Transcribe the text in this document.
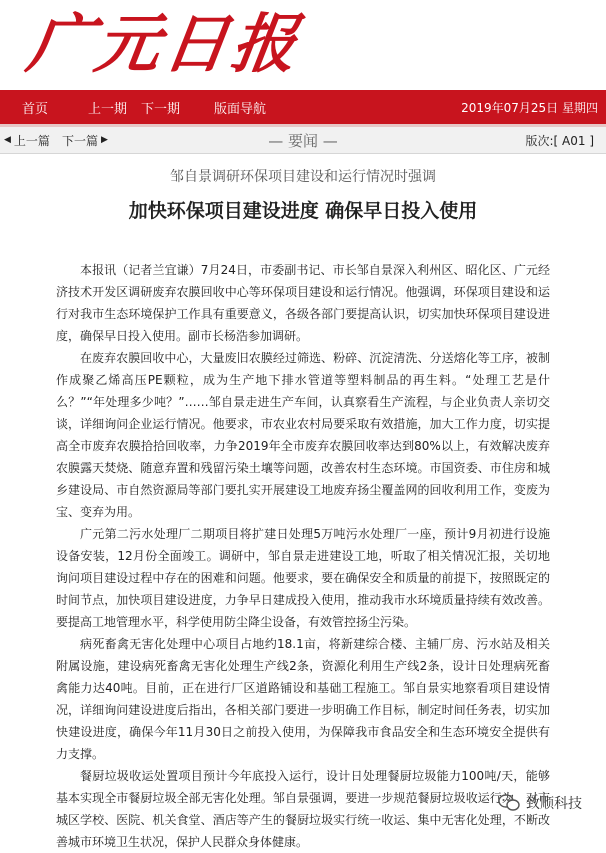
广元日报
首页	上一期 下一期	版面导航	2019年07月25日 星期四
◀ 上一篇 下一篇 ▶	— 要闻 —	版次:[ A01 ]
邹自景调研环保项目建设和运行情况时强调
加快环保项目建设进度 确保早日投入使用

本报讯（记者兰宜谦）7月24日，市委副书记、市长邹自景深入利州区、昭化区、广元经济技术开发区调研废弃农膜回收中心等环保项目建设和运行情况。他强调，环保项目建设和运行对我市生态环境保护工作具有重要意义，各级各部门要提高认识，切实加快环保项目建设进度，确保早日投入使用。副市长杨浩参加调研。

在废弃农膜回收中心，大量废旧农膜经过筛选、粉碎、沉淀清洗、分送熔化等工序，被制作成聚乙烯高压PE颗粒，成为生产地下排水管道等塑料制品的再生料。“处理工艺是什么？”“年处理多少吨？”……邹自景走进生产车间，认真察看生产流程，与企业负责人亲切交谈，详细询问企业运行情况。他要求，市农业农村局要采取有效措施，加大工作力度，切实提高全市废弃农膜拾拾回收率，力争2019年全市废弃农膜回收率达到80%以上，有效解决废弃农膜露天焚烧、随意弃置和残留污染土壤等问题，改善农村生态环境。市国资委、市住房和城乡建设局、市自然资源局等部门要扎实开展建设工地废弃扬尘覆盖网的回收利用工作，变废为宝、变弃为用。

广元第二污水处理厂二期项目将扩建日处理5万吨污水处理厂一座，预计9月初进行设施设备安装，12月份全面竣工。调研中，邹自景走进建设工地，听取了相关情况汇报，关切地询问项目建设过程中存在的困难和问题。他要求，要在确保安全和质量的前提下，按照既定的时间节点，加快项目建设进度，力争早日建成投入使用，推动我市水环境质量持续有效改善。要提高工地管理水平，科学使用防尘降尘设备，有效管控扬尘污染。

病死畜禽无害化处理中心项目占地约18.1亩，将新建综合楼、主辅厂房、污水站及相关附属设施，建设病死畜禽无害化处理生产线2条，资源化利用生产线2条，设计日处理病死畜禽能力达40吨。目前，正在进行厂区道路铺设和基础工程施工。邹自景实地察看项目建设情况，详细询问建设进度后指出，各相关部门要进一步明确工作目标，制定时间任务表，切实加快建设进度，确保今年11月30日之前投入使用，为保障我市食品安全和生态环境安全提供有力支撑。

餐厨垃圾收运处置项目预计今年底投入运行，设计日处理餐厨垃圾能力100吨/天，能够基本实现全市餐厨垃圾全部无害化处理。邹自景强调，要进一步规范餐厨垃圾收运行为，对市城区学校、医院、机关食堂、酒店等产生的餐厨垃圾实行统一收运、集中无害化处理，不断改善城市环境卫生状况，保护人民群众身体健康。

致顺科技
